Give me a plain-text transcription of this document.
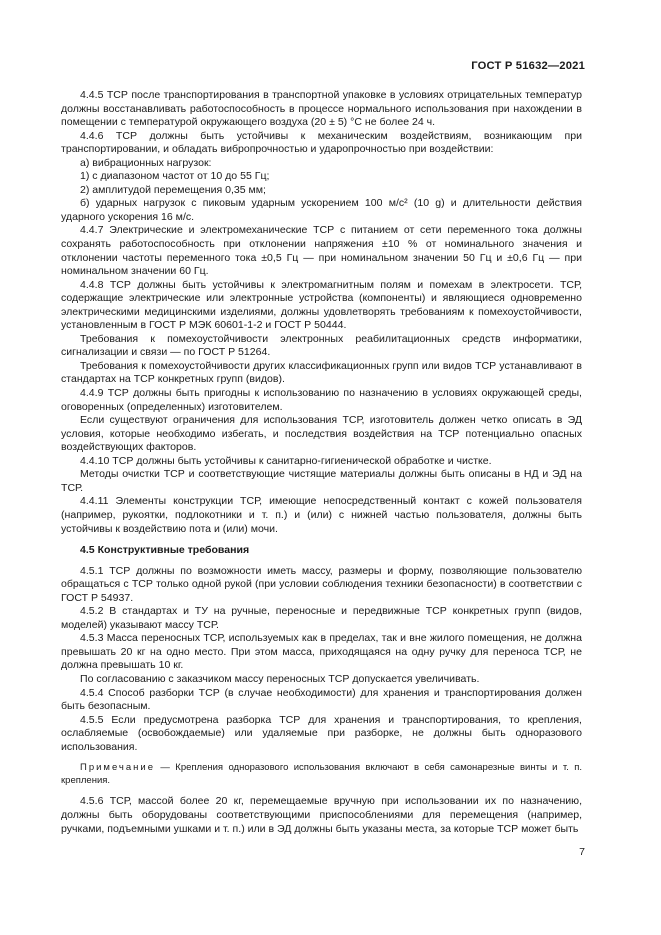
ГОСТ Р 51632—2021

4.4.5 ТСР после транспортирования в транспортной упаковке в условиях отрицательных температур должны восстанавливать работоспособность в процессе нормального использования при нахождении в помещении с температурой окружающего воздуха (20 ± 5) °С не более 24 ч.

4.4.6 ТСР должны быть устойчивы к механическим воздействиям, возникающим при транспортировании, и обладать вибропрочностью и ударопрочностью при воздействии:

а) вибрационных нагрузок:

1) с диапазоном частот от 10 до 55 Гц;

2) амплитудой перемещения 0,35 мм;

б) ударных нагрузок с пиковым ударным ускорением 100 м/с² (10 g) и длительности действия ударного ускорения 16 м/с.

4.4.7 Электрические и электромеханические ТСР с питанием от сети переменного тока должны сохранять работоспособность при отклонении напряжения ±10 % от номинального значения и отклонении частоты переменного тока ±0,5 Гц — при номинальном значении 50 Гц и ±0,6 Гц — при номинальном значении 60 Гц.

4.4.8 ТСР должны быть устойчивы к электромагнитным полям и помехам в электросети. ТСР, содержащие электрические или электронные устройства (компоненты) и являющиеся одновременно электрическими медицинскими изделиями, должны удовлетворять требованиям к помехоустойчивости, установленным в ГОСТ Р МЭК 60601-1-2 и ГОСТ Р 50444.

Требования к помехоустойчивости электронных реабилитационных средств информатики, сигнализации и связи — по ГОСТ Р 51264.

Требования к помехоустойчивости других классификационных групп или видов ТСР устанавливают в стандартах на ТСР конкретных групп (видов).

4.4.9 ТСР должны быть пригодны к использованию по назначению в условиях окружающей среды, оговоренных (определенных) изготовителем.

Если существуют ограничения для использования ТСР, изготовитель должен четко описать в ЭД условия, которые необходимо избегать, и последствия воздействия на ТСР потенциально опасных воздействующих факторов.

4.4.10 ТСР должны быть устойчивы к санитарно-гигиенической обработке и чистке.

Методы очистки ТСР и соответствующие чистящие материалы должны быть описаны в НД и ЭД на ТСР.

4.4.11 Элементы конструкции ТСР, имеющие непосредственный контакт с кожей пользователя (например, рукоятки, подлокотники и т. п.) и (или) с нижней частью пользователя, должны быть устойчивы к воздействию пота и (или) мочи.

4.5 Конструктивные требования

4.5.1 ТСР должны по возможности иметь массу, размеры и форму, позволяющие пользователю обращаться с ТСР только одной рукой (при условии соблюдения техники безопасности) в соответствии с ГОСТ Р 54937.

4.5.2 В стандартах и ТУ на ручные, переносные и передвижные ТСР конкретных групп (видов, моделей) указывают массу ТСР.

4.5.3 Масса переносных ТСР, используемых как в пределах, так и вне жилого помещения, не должна превышать 20 кг на одно место. При этом масса, приходящаяся на одну ручку для переноса ТСР, не должна превышать 10 кг.

По согласованию с заказчиком массу переносных ТСР допускается увеличивать.

4.5.4 Способ разборки ТСР (в случае необходимости) для хранения и транспортирования должен быть безопасным.

4.5.5 Если предусмотрена разборка ТСР для хранения и транспортирования, то крепления, ослабляемые (освобождаемые) или удаляемые при разборке, не должны быть одноразового использования.

Примечание — Крепления одноразового использования включают в себя самонарезные винты и т. п. крепления.

4.5.6 ТСР, массой более 20 кг, перемещаемые вручную при использовании их по назначению, должны быть оборудованы соответствующими приспособлениями для перемещения (например, ручками, подъемными ушками и т. п.) или в ЭД должны быть указаны места, за которые ТСР может быть

7
